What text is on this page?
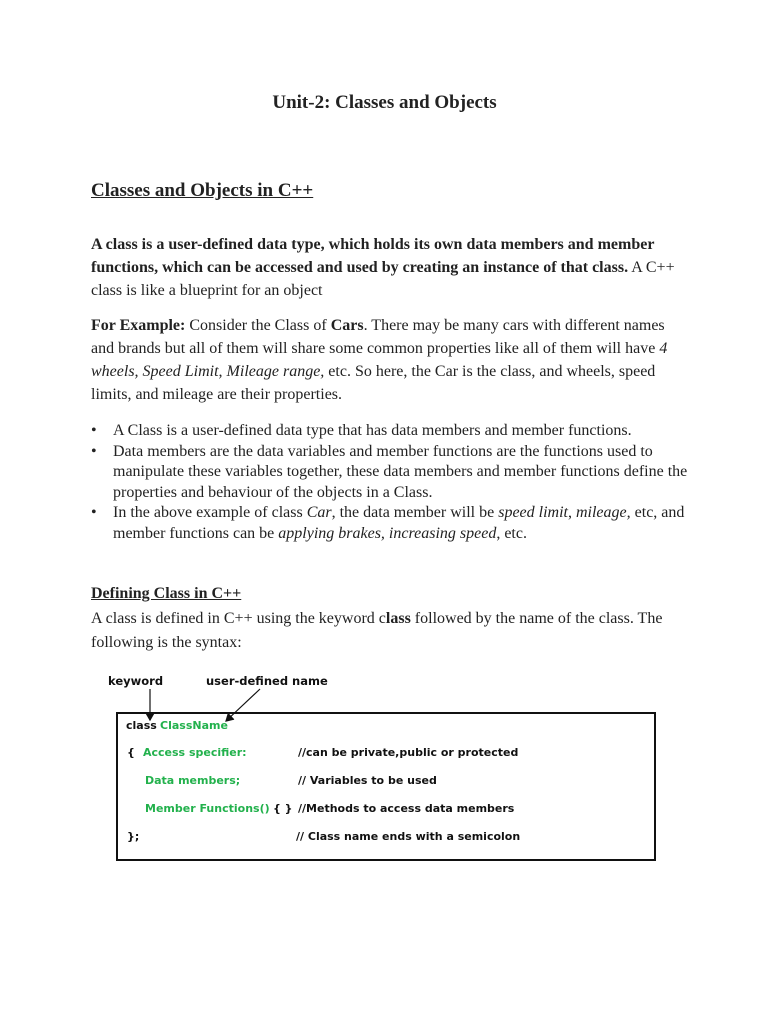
Unit-2: Classes and Objects
Classes and Objects in C++
A class is a user-defined data type, which holds its own data members and member functions, which can be accessed and used by creating an instance of that class. A C++ class is like a blueprint for an object
For Example: Consider the Class of Cars. There may be many cars with different names and brands but all of them will share some common properties like all of them will have 4 wheels, Speed Limit, Mileage range, etc. So here, the Car is the class, and wheels, speed limits, and mileage are their properties.
• A Class is a user-defined data type that has data members and member functions.
• Data members are the data variables and member functions are the functions used to manipulate these variables together, these data members and member functions define the properties and behaviour of the objects in a Class.
• In the above example of class Car, the data member will be speed limit, mileage, etc, and member functions can be applying brakes, increasing speed, etc.
Defining Class in C++
A class is defined in C++ using the keyword class followed by the name of the class. The following is the syntax:
keyword	user-defined name
class ClassName
{ Access specifier:	//can be private,public or protected
Data members;	// Variables to be used
Member Functions() { } //Methods to access data members
};	// Class name ends with a semicolon
